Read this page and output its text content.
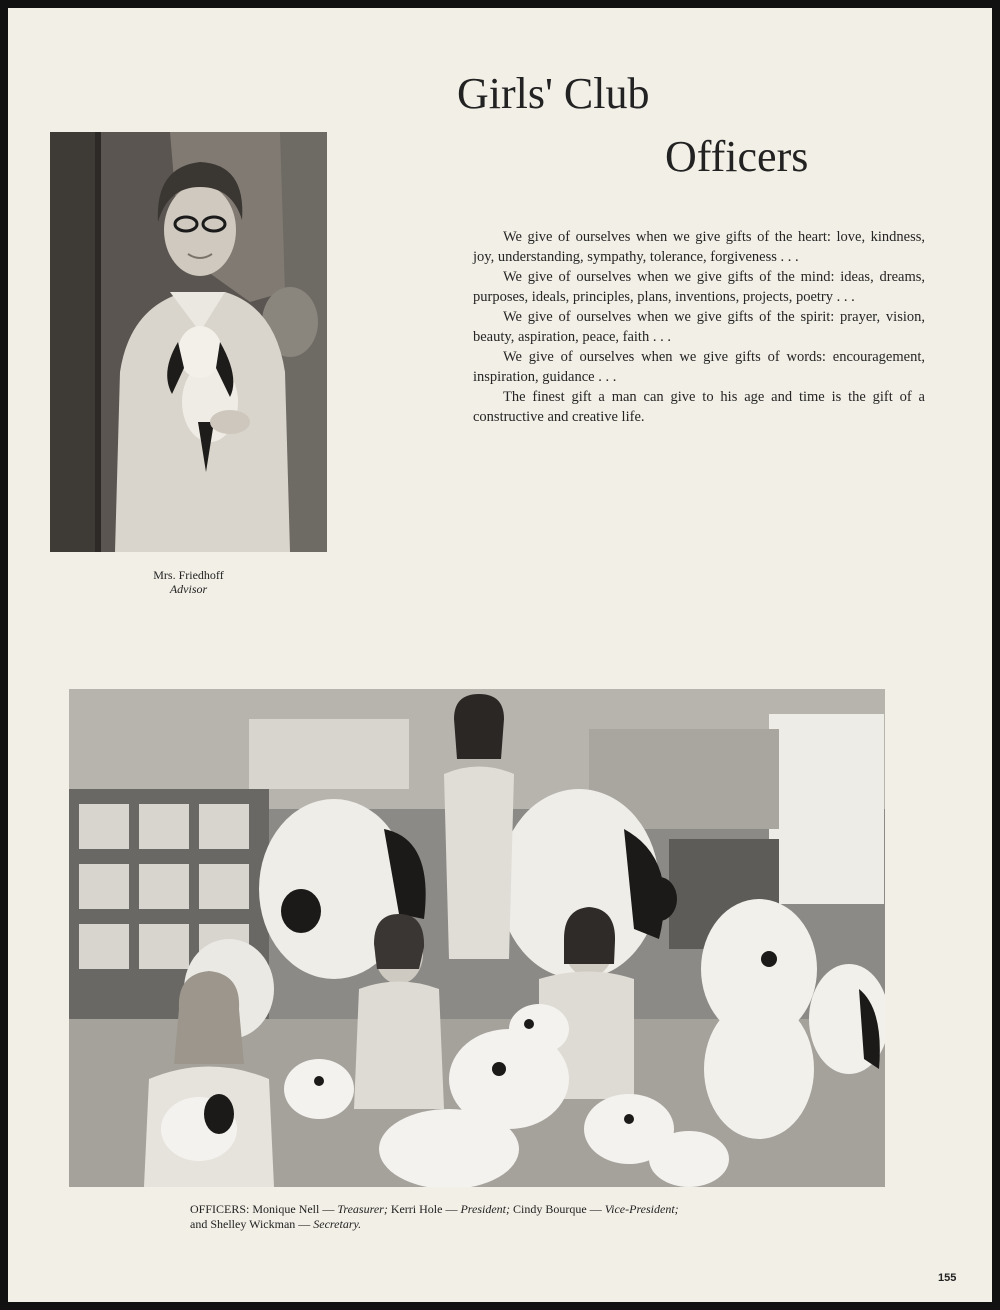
Girls' Club
Officers
Mrs. Friedhoff
Advisor

We give of ourselves when we give gifts of the heart: love, kindness, joy, understanding, sympathy, tolerance, forgiveness . . .

We give of ourselves when we give gifts of the mind: ideas, dreams, purposes, ideals, principles, plans, inventions, projects, poetry . . .

We give of ourselves when we give gifts of the spirit: prayer, vision, beauty, aspiration, peace, faith . . .

We give of ourselves when we give gifts of words: encouragement, inspiration, guidance . . .

The finest gift a man can give to his age and time is the gift of a constructive and creative life.

OFFICERS: Monique Nell — Treasurer; Kerri Hole — President; Cindy Bourque — Vice-President;
and Shelley Wickman — Secretary.
155
